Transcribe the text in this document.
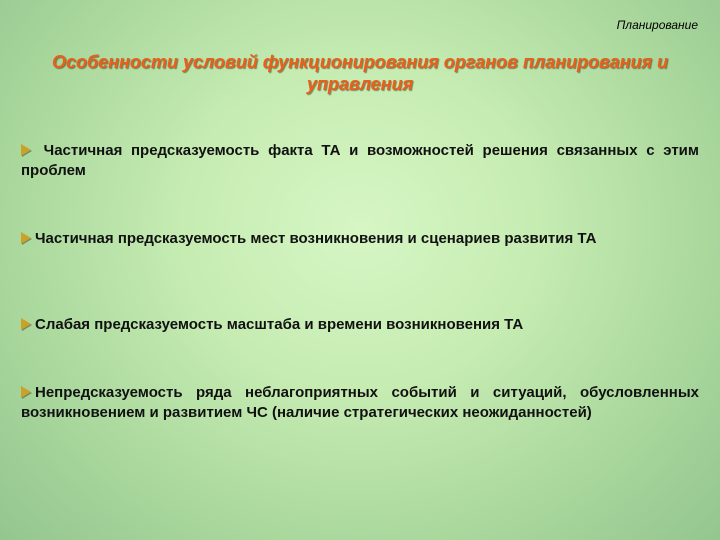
Планирование
Особенности условий функционирования органов планирования и управления
Частичная предсказуемость факта ТА и возможностей решения связанных с этим проблем
Частичная предсказуемость мест возникновения и сценариев развития ТА
Слабая предсказуемость масштаба и времени возникновения ТА
Непредсказуемость ряда неблагоприятных событий и ситуаций, обусловленных возникновением и развитием ЧС (наличие стратегических неожиданностей)
